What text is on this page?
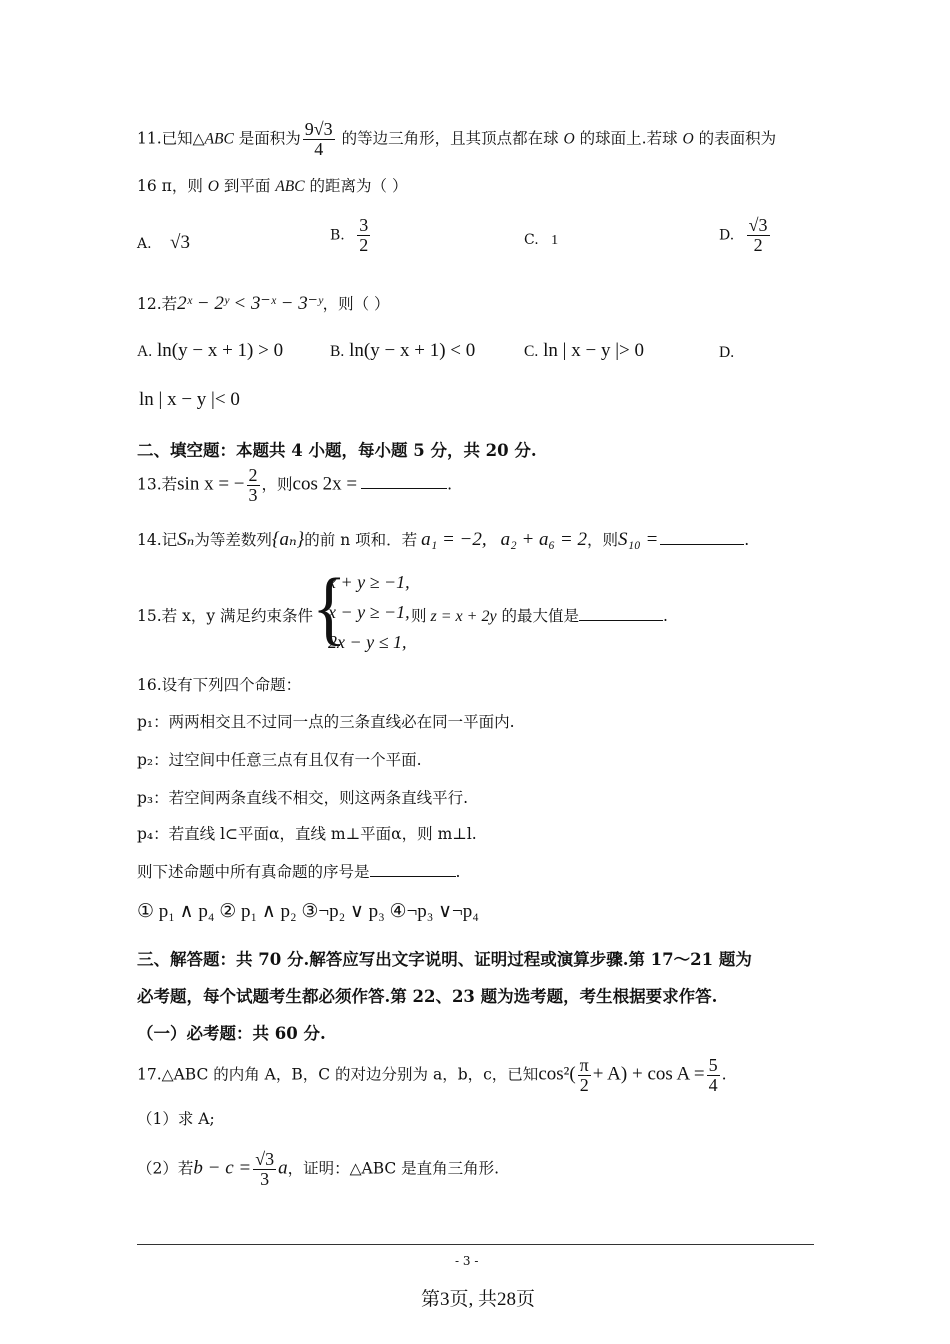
11.已知△ABC 是面积为 $\frac{9√3}{4}$ 的等边三角形，且其顶点都在球 O 的球面上.若球 O 的表面积为
16 π，则 O 到平面 ABC 的距离为（ ）
A. √3	B. $\frac{3}{2}$	C. 1	D. $\frac{√3}{2}$
12.若2ˣ − 2ʸ < 3⁻ˣ − 3⁻ʸ，则（ ）
A. ln(y − x + 1) > 0	B. ln(y − x + 1) < 0	C. ln | x − y |> 0	D.
ln | x − y |< 0
二、填空题：本题共 4 小题，每小题 5 分，共 20 分.
13.若sin x = − $\frac{2}{3}$ ，则cos 2x =	.
14.记Sₙ为等差数列{aₙ}的前 n 项和．若 a₁ = −2, a₂ + a₆ = 2，则S₁₀ =	.
15.若 x，y 满足约束条件
{
x + y ≥ −1,
x − y ≥ −1,
2x − y ≤ 1,
则 z = x + 2y 的最大值是	.
16.设有下列四个命题：
p₁：两两相交且不过同一点的三条直线必在同一平面内.
p₂：过空间中任意三点有且仅有一个平面.
p₃：若空间两条直线不相交，则这两条直线平行.
p₄：若直线 l⊂平面α，直线 m⊥平面α，则 m⊥l.
则下述命题中所有真命题的序号是	.
① p₁ ∧ p₄ ② p₁ ∧ p₂ ③¬p₂ ∨ p₃ ④¬p₃ ∨¬p₄
三、解答题：共 70 分.解答应写出文字说明、证明过程或演算步骤.第 17～21 题为
必考题，每个试题考生都必须作答.第 22、23 题为选考题，考生根据要求作答.
（一）必考题：共 60 分.
17.△ABC 的内角 A，B，C 的对边分别为 a，b，c，已知$\cos^2( \frac{\pi}{2} + A) + \cos A = \frac{5}{4}$ .
（1）求 A;
（2）若$b - c = \frac{√3}{3}$ a，证明：△ABC 是直角三角形.
- 3 -
第3页, 共28页
